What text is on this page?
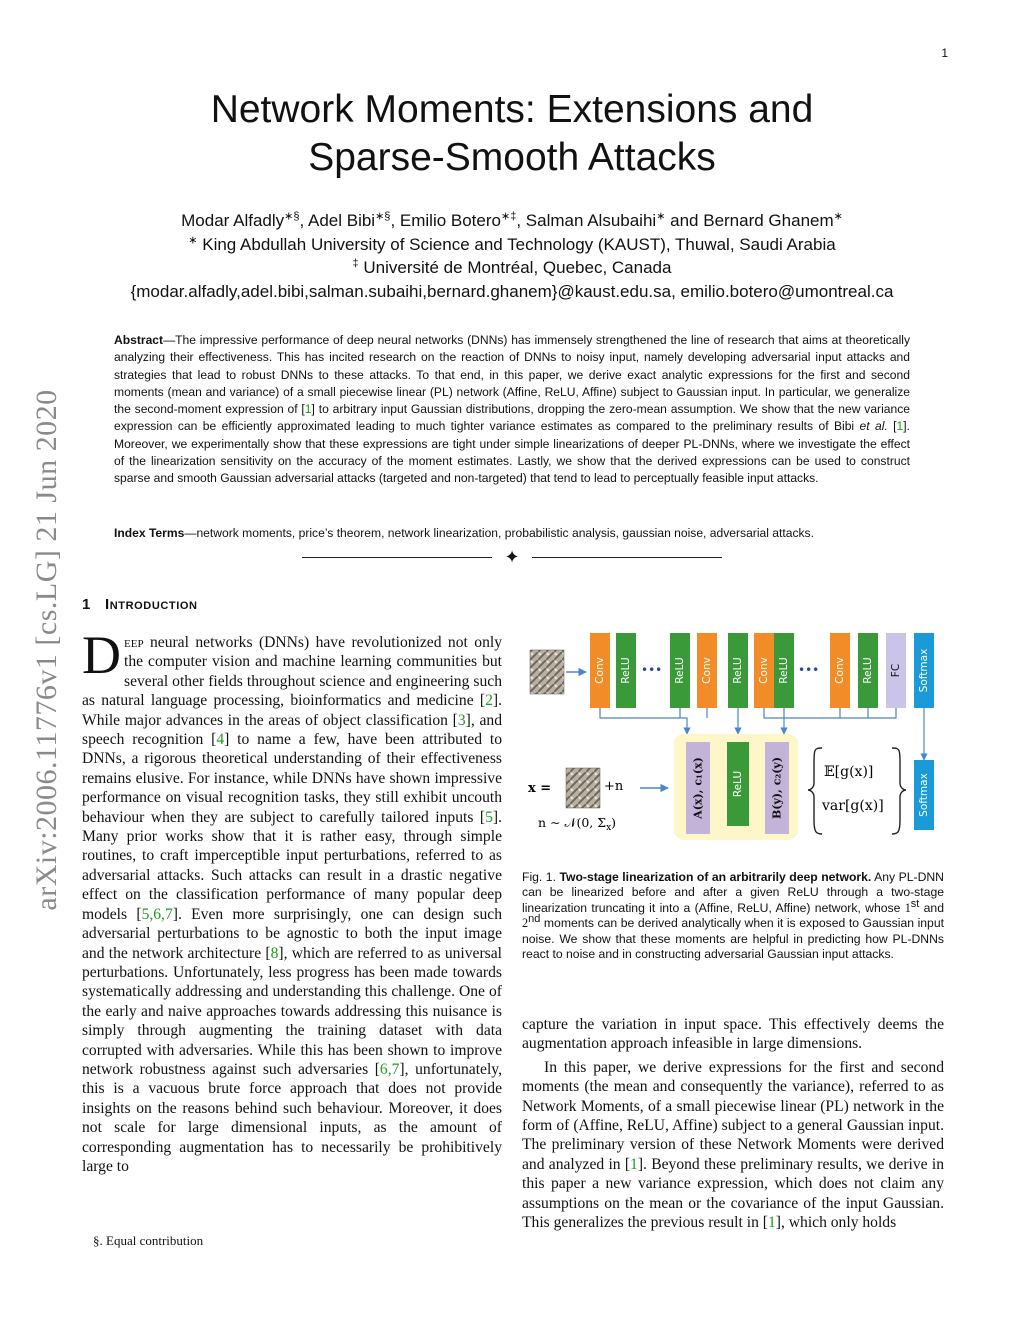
1
arXiv:2006.11776v1 [cs.LG] 21 Jun 2020
Network Moments: Extensions and
Sparse-Smooth Attacks
Modar Alfadly∗§, Adel Bibi∗§, Emilio Botero∗‡, Salman Alsubaihi∗ and Bernard Ghanem∗
∗ King Abdullah University of Science and Technology (KAUST), Thuwal, Saudi Arabia
‡ Université de Montréal, Quebec, Canada
{modar.alfadly,adel.bibi,salman.subaihi,bernard.ghanem}@kaust.edu.sa, emilio.botero@umontreal.ca
Abstract—The impressive performance of deep neural networks (DNNs) has immensely strengthened the line of research that aims at theoretically analyzing their effectiveness. This has incited research on the reaction of DNNs to noisy input, namely developing adversarial input attacks and strategies that lead to robust DNNs to these attacks. To that end, in this paper, we derive exact analytic expressions for the first and second moments (mean and variance) of a small piecewise linear (PL) network (Affine, ReLU, Affine) subject to Gaussian input. In particular, we generalize the second-moment expression of [1] to arbitrary input Gaussian distributions, dropping the zero-mean assumption. We show that the new variance expression can be efficiently approximated leading to much tighter variance estimates as compared to the preliminary results of Bibi et al. [1]. Moreover, we experimentally show that these expressions are tight under simple linearizations of deeper PL-DNNs, where we investigate the effect of the linearization sensitivity on the accuracy of the moment estimates. Lastly, we show that the derived expressions can be used to construct sparse and smooth Gaussian adversarial attacks (targeted and non-targeted) that tend to lead to perceptually feasible input attacks.
Index Terms—network moments, price’s theorem, network linearization, probabilistic analysis, gaussian noise, adversarial attacks.
✦
1 Introduction
Deep neural networks (DNNs) have revolutionized not only the computer vision and machine learning communities but several other fields throughout science and engineering such as natural language processing, bioinformatics and medicine [2]. While major advances in the areas of object classification [3], and speech recognition [4] to name a few, have been attributed to DNNs, a rigorous theoretical understanding of their effectiveness remains elusive. For instance, while DNNs have shown impressive performance on visual recognition tasks, they still exhibit uncouth behaviour when they are subject to carefully tailored inputs [5]. Many prior works show that it is rather easy, through simple routines, to craft imperceptible input perturbations, referred to as adversarial attacks. Such attacks can result in a drastic negative effect on the classification performance of many popular deep models [5,6,7]. Even more surprisingly, one can design such adversarial perturbations to be agnostic to both the input image and the network architecture [8], which are referred to as universal perturbations. Unfortunately, less progress has been made towards systematically addressing and understanding this challenge. One of the early and naive approaches towards addressing this nuisance is simply through augmenting the training dataset with data corrupted with adversaries. While this has been shown to improve network robustness against such adversaries [6,7], unfortunately, this is a vacuous brute force approach that does not provide insights on the reasons behind such behaviour. Moreover, it does not scale for large dimensional inputs, as the amount of corresponding augmentation has to necessarily be prohibitively large to
§. Equal contribution
•••	•••
Conv ReLU	ReLU Conv ReLU Conv ReLU	Conv ReLU FC Softmax
x =	+n
n ∼ 𝒩(0, $\Sigma_x$)
A(x), c₁(x)	ReLU B(y), c₂(y)	𝔼[g(x)]
var[g(x)]	Softmax
Fig. 1. Two-stage linearization of an arbitrarily deep network. Any PL-DNN can be linearized before and after a given ReLU through a two-stage linearization truncating it into a (Affine, ReLU, Affine) network, whose 1st and 2nd moments can be derived analytically when it is exposed to Gaussian input noise. We show that these moments are helpful in predicting how PL-DNNs react to noise and in constructing adversarial Gaussian input attacks.

capture the variation in input space. This effectively deems the augmentation approach infeasible in large dimensions.

In this paper, we derive expressions for the first and second moments (the mean and consequently the variance), referred to as Network Moments, of a small piecewise linear (PL) network in the form of (Affine, ReLU, Affine) subject to a general Gaussian input. The preliminary version of these Network Moments were derived and analyzed in [1]. Beyond these preliminary results, we derive in this paper a new variance expression, which does not claim any assumptions on the mean or the covariance of the input Gaussian. This generalizes the previous result in [1], which only holds
